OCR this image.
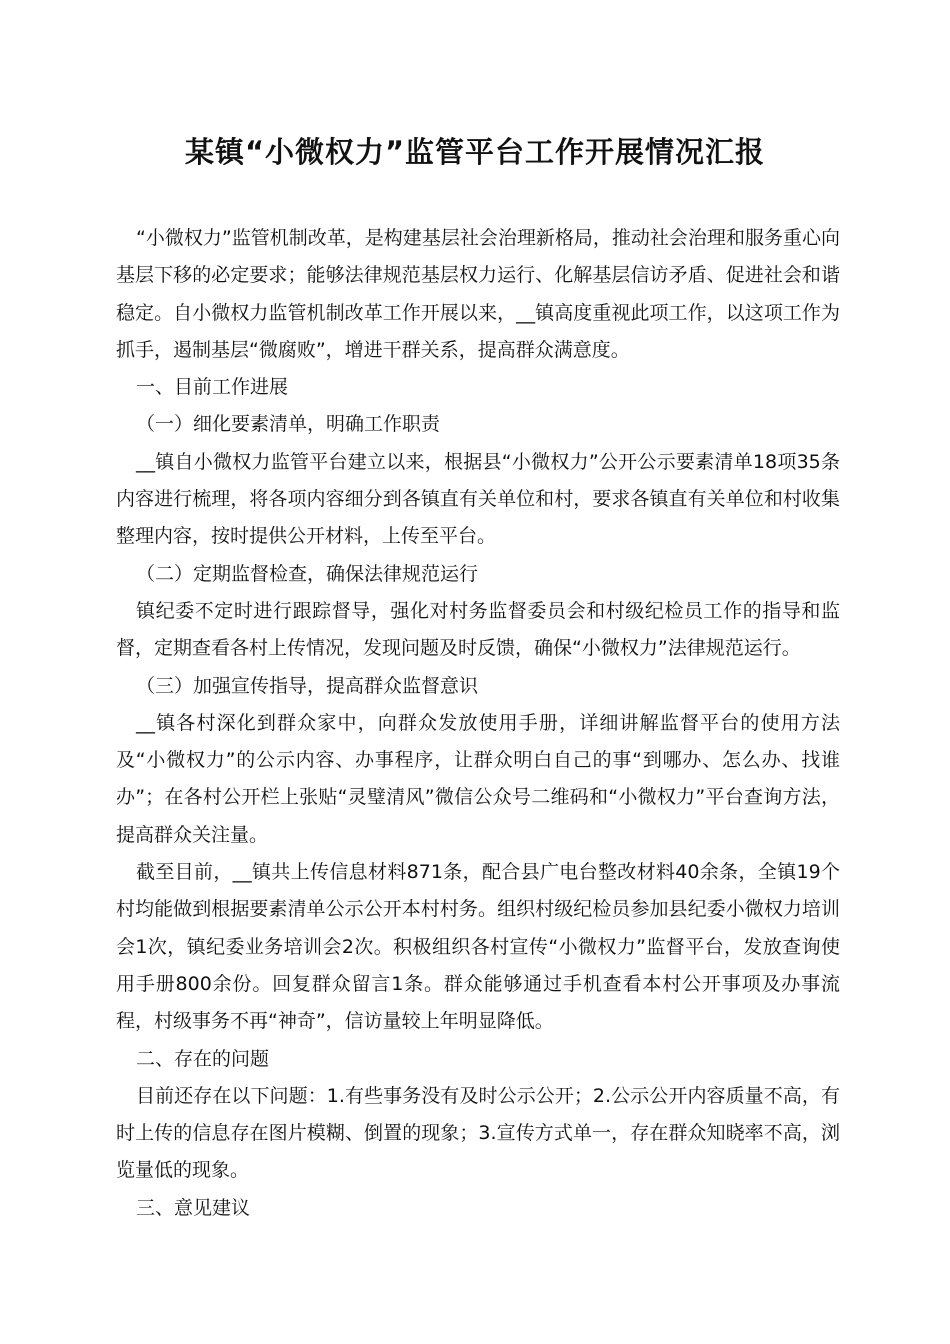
某镇“小微权力”监管平台工作开展情况汇报

“小微权力”监管机制改革，是构建基层社会治理新格局，推动社会治理和服务重心向基层下移的必定要求；能够法律规范基层权力运行、化解基层信访矛盾、促进社会和谐稳定。自小微权力监管机制改革工作开展以来，__镇高度重视此项工作，以这项工作为抓手，遏制基层“微腐败”，增进干群关系，提高群众满意度。

一、目前工作进展

（一）细化要素清单，明确工作职责

__镇自小微权力监管平台建立以来，根据县“小微权力”公开公示要素清单18项35条内容进行梳理，将各项内容细分到各镇直有关单位和村，要求各镇直有关单位和村收集整理内容，按时提供公开材料，上传至平台。

（二）定期监督检查，确保法律规范运行

镇纪委不定时进行跟踪督导，强化对村务监督委员会和村级纪检员工作的指导和监督，定期查看各村上传情况，发现问题及时反馈，确保“小微权力”法律规范运行。

（三）加强宣传指导，提高群众监督意识

__镇各村深化到群众家中，向群众发放使用手册，详细讲解监督平台的使用方法及“小微权力”的公示内容、办事程序，让群众明白自己的事“到哪办、怎么办、找谁办”；在各村公开栏上张贴“灵璧清风”微信公众号二维码和“小微权力”平台查询方法，提高群众关注量。

截至目前，__镇共上传信息材料871条，配合县广电台整改材料40余条，全镇19个村均能做到根据要素清单公示公开本村村务。组织村级纪检员参加县纪委小微权力培训会1次，镇纪委业务培训会2次。积极组织各村宣传“小微权力”监督平台，发放查询使用手册800余份。回复群众留言1条。群众能够通过手机查看本村公开事项及办事流程，村级事务不再“神奇”，信访量较上年明显降低。

二、存在的问题

目前还存在以下问题：1.有些事务没有及时公示公开；2.公示公开内容质量不高，有时上传的信息存在图片模糊、倒置的现象；3.宣传方式单一，存在群众知晓率不高，浏览量低的现象。

三、意见建议
